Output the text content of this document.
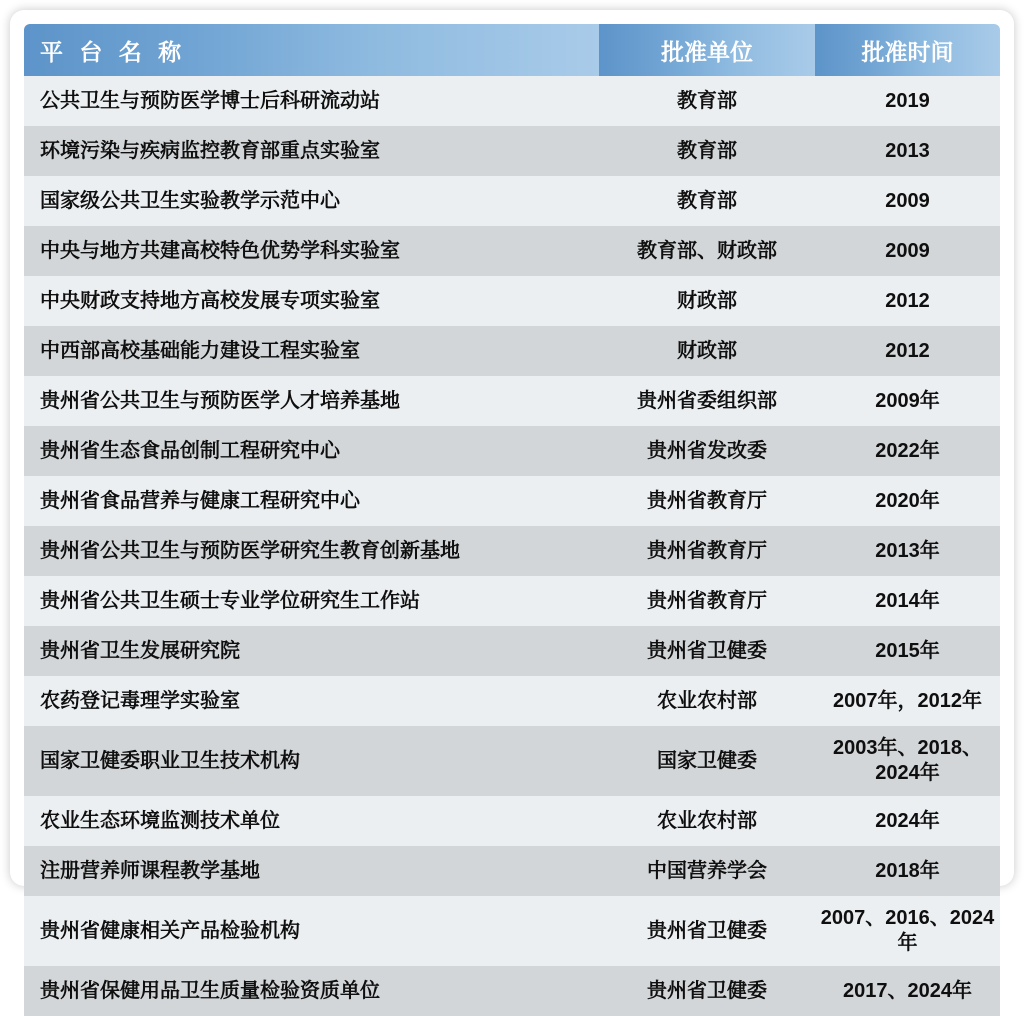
平 台 名 称	批准单位	批准时间
公共卫生与预防医学博士后科研流动站	教育部	2019
环境污染与疾病监控教育部重点实验室	教育部	2013
国家级公共卫生实验教学示范中心	教育部	2009
中央与地方共建高校特色优势学科实验室	教育部、财政部	2009
中央财政支持地方高校发展专项实验室	财政部	2012
中西部高校基础能力建设工程实验室	财政部	2012
贵州省公共卫生与预防医学人才培养基地	贵州省委组织部	2009年
贵州省生态食品创制工程研究中心	贵州省发改委	2022年
贵州省食品营养与健康工程研究中心	贵州省教育厅	2020年
贵州省公共卫生与预防医学研究生教育创新基地	贵州省教育厅	2013年
贵州省公共卫生硕士专业学位研究生工作站	贵州省教育厅	2014年
贵州省卫生发展研究院	贵州省卫健委	2015年
农药登记毒理学实验室	农业农村部	2007年，2012年
国家卫健委职业卫生技术机构	国家卫健委	2003年、2018、2024年
农业生态环境监测技术单位	农业农村部	2024年
注册营养师课程教学基地	中国营养学会	2018年
贵州省健康相关产品检验机构	贵州省卫健委	2007、2016、2024年
贵州省保健用品卫生质量检验资质单位	贵州省卫健委	2017、2024年
